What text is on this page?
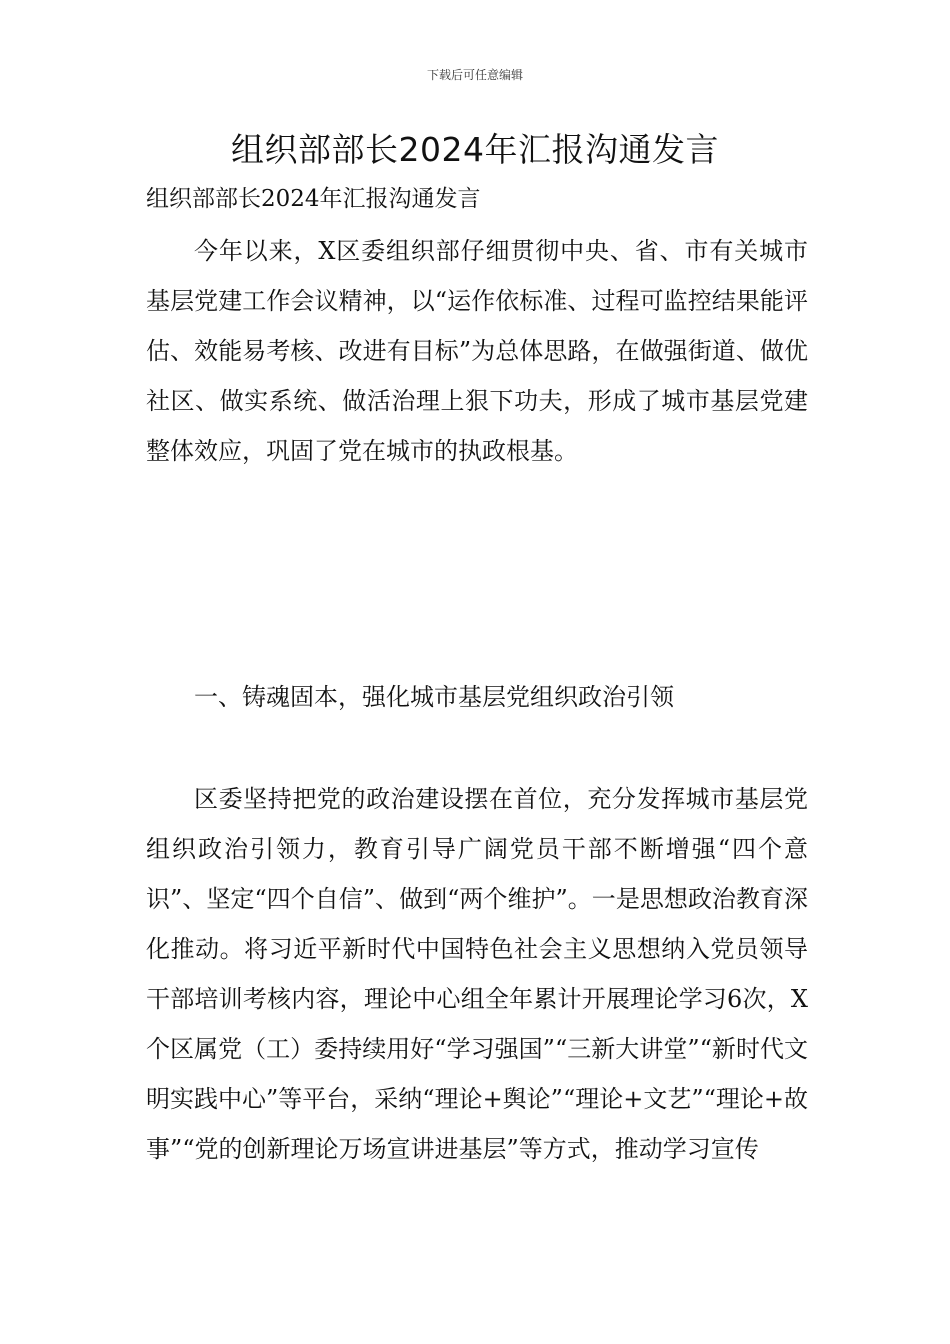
下载后可任意编辑
组织部部长2024年汇报沟通发言
组织部部长2024年汇报沟通发言

今年以来，X区委组织部仔细贯彻中央、省、市有关城市基层党建工作会议精神，以“运作依标准、过程可监控结果能评估、效能易考核、改进有目标”为总体思路，在做强街道、做优社区、做实系统、做活治理上狠下功夫，形成了城市基层党建整体效应，巩固了党在城市的执政根基。

一、铸魂固本，强化城市基层党组织政治引领

区委坚持把党的政治建设摆在首位，充分发挥城市基层党组织政治引领力，教育引导广阔党员干部不断增强“四个意识”、坚定“四个自信”、做到“两个维护”。一是思想政治教育深化推动。将习近平新时代中国特色社会主义思想纳入党员领导干部培训考核内容，理论中心组全年累计开展理论学习6次，X个区属党（工）委持续用好“学习强国”“三新大讲堂”“新时代文明实践中心”等平台，采纳“理论+舆论”“理论+文艺”“理论+故事”“党的创新理论万场宣讲进基层”等方式，推动学习宣传
